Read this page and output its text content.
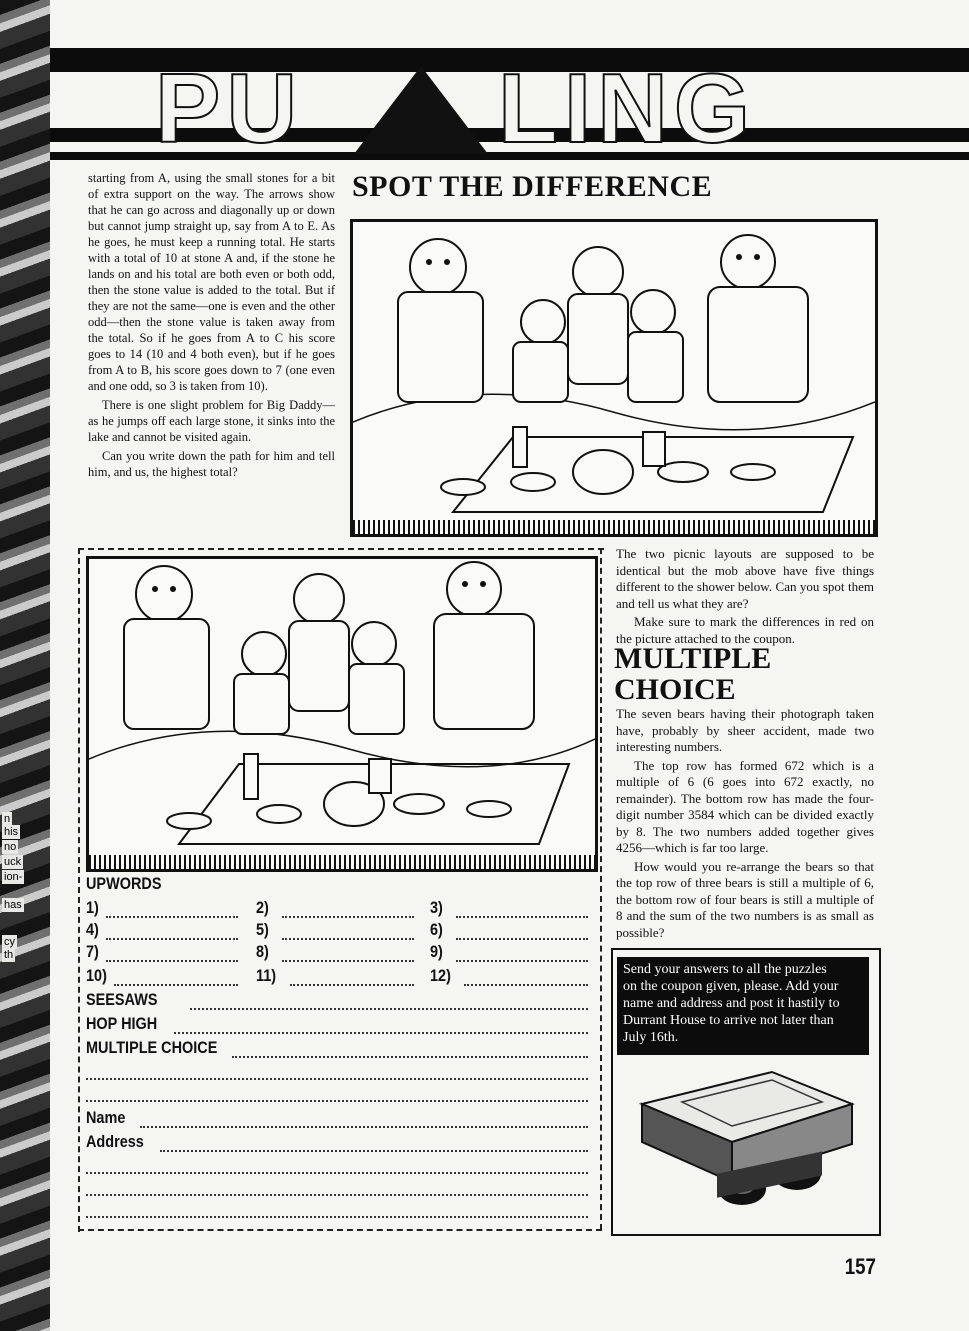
n
his
no
uck
ion-
has
cy
th
PU LING

starting from A, using the small stones for a bit of extra support on the way. The arrows show that he can go across and diagonally up or down but cannot jump straight up, say from A to E. As he goes, he must keep a running total. He starts with a total of 10 at stone A and, if the stone he lands on and his total are both even or both odd, then the stone value is added to the total. But if they are not the same—one is even and the other odd—then the stone value is taken away from the total. So if he goes from A to C his score goes to 14 (10 and 4 both even), but if he goes from A to B, his score goes down to 7 (one even and one odd, so 3 is taken from 10).

There is one slight problem for Big Daddy—as he jumps off each large stone, it sinks into the lake and cannot be visited again.

Can you write down the path for him and tell him, and us, the highest total?

SPOT THE DIFFERENCE

The two picnic layouts are supposed to be identical but the mob above have five things different to the shower below. Can you spot them and tell us what they are?

Make sure to mark the differences in red on the picture attached to the coupon.

MULTIPLE
CHOICE

The seven bears having their photograph taken have, probably by sheer accident, made two interesting numbers.

The top row has formed 672 which is a multiple of 6 (6 goes into 672 exactly, no remainder). The bottom row has made the four-digit number 3584 which can be divided exactly by 8. The two numbers added together gives 4256—which is far too large.

How would you re-arrange the bears so that the top row of three bears is still a multiple of 6, the bottom row of four bears is still a multiple of 8 and the sum of the two numbers is as small as possible?

UPWORDS
1)	2)	3)
4)	5)	6)
7)	8)	9)
10)	11)	12)
SEESAWS
HOP HIGH
MULTIPLE CHOICE
Name
Address
Send your answers to all the puzzles
on the coupon given, please. Add your
name and address and post it hastily to
Durrant House to arrive not later than
July 16th.
157
